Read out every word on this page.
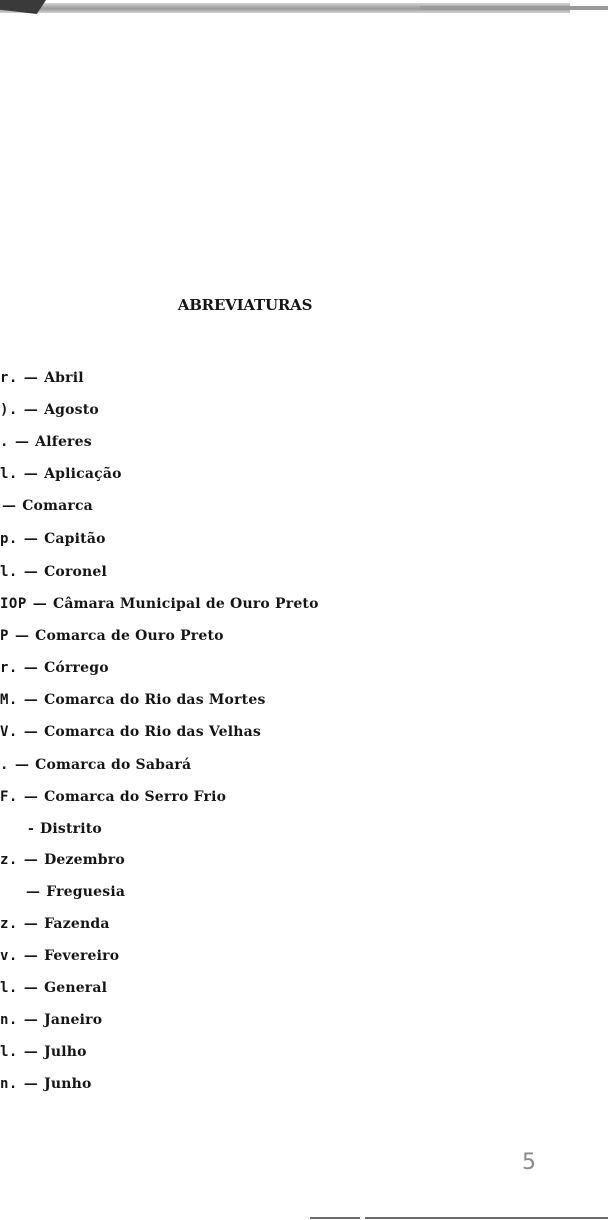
ABREVIATURAS
r. — Abril
). — Agosto
. — Alferes
l. — Aplicação
— Comarca
p. — Capitão
l. — Coronel
IOP — Câmara Municipal de Ouro Preto
P — Comarca de Ouro Preto
r. — Córrego
M. — Comarca do Rio das Mortes
V. — Comarca do Rio das Velhas
. — Comarca do Sabará
F. — Comarca do Serro Frio
- Distrito
z. — Dezembro
— Freguesia
z. — Fazenda
v. — Fevereiro
l. — General
n. — Janeiro
l. — Julho
n. — Junho
5
